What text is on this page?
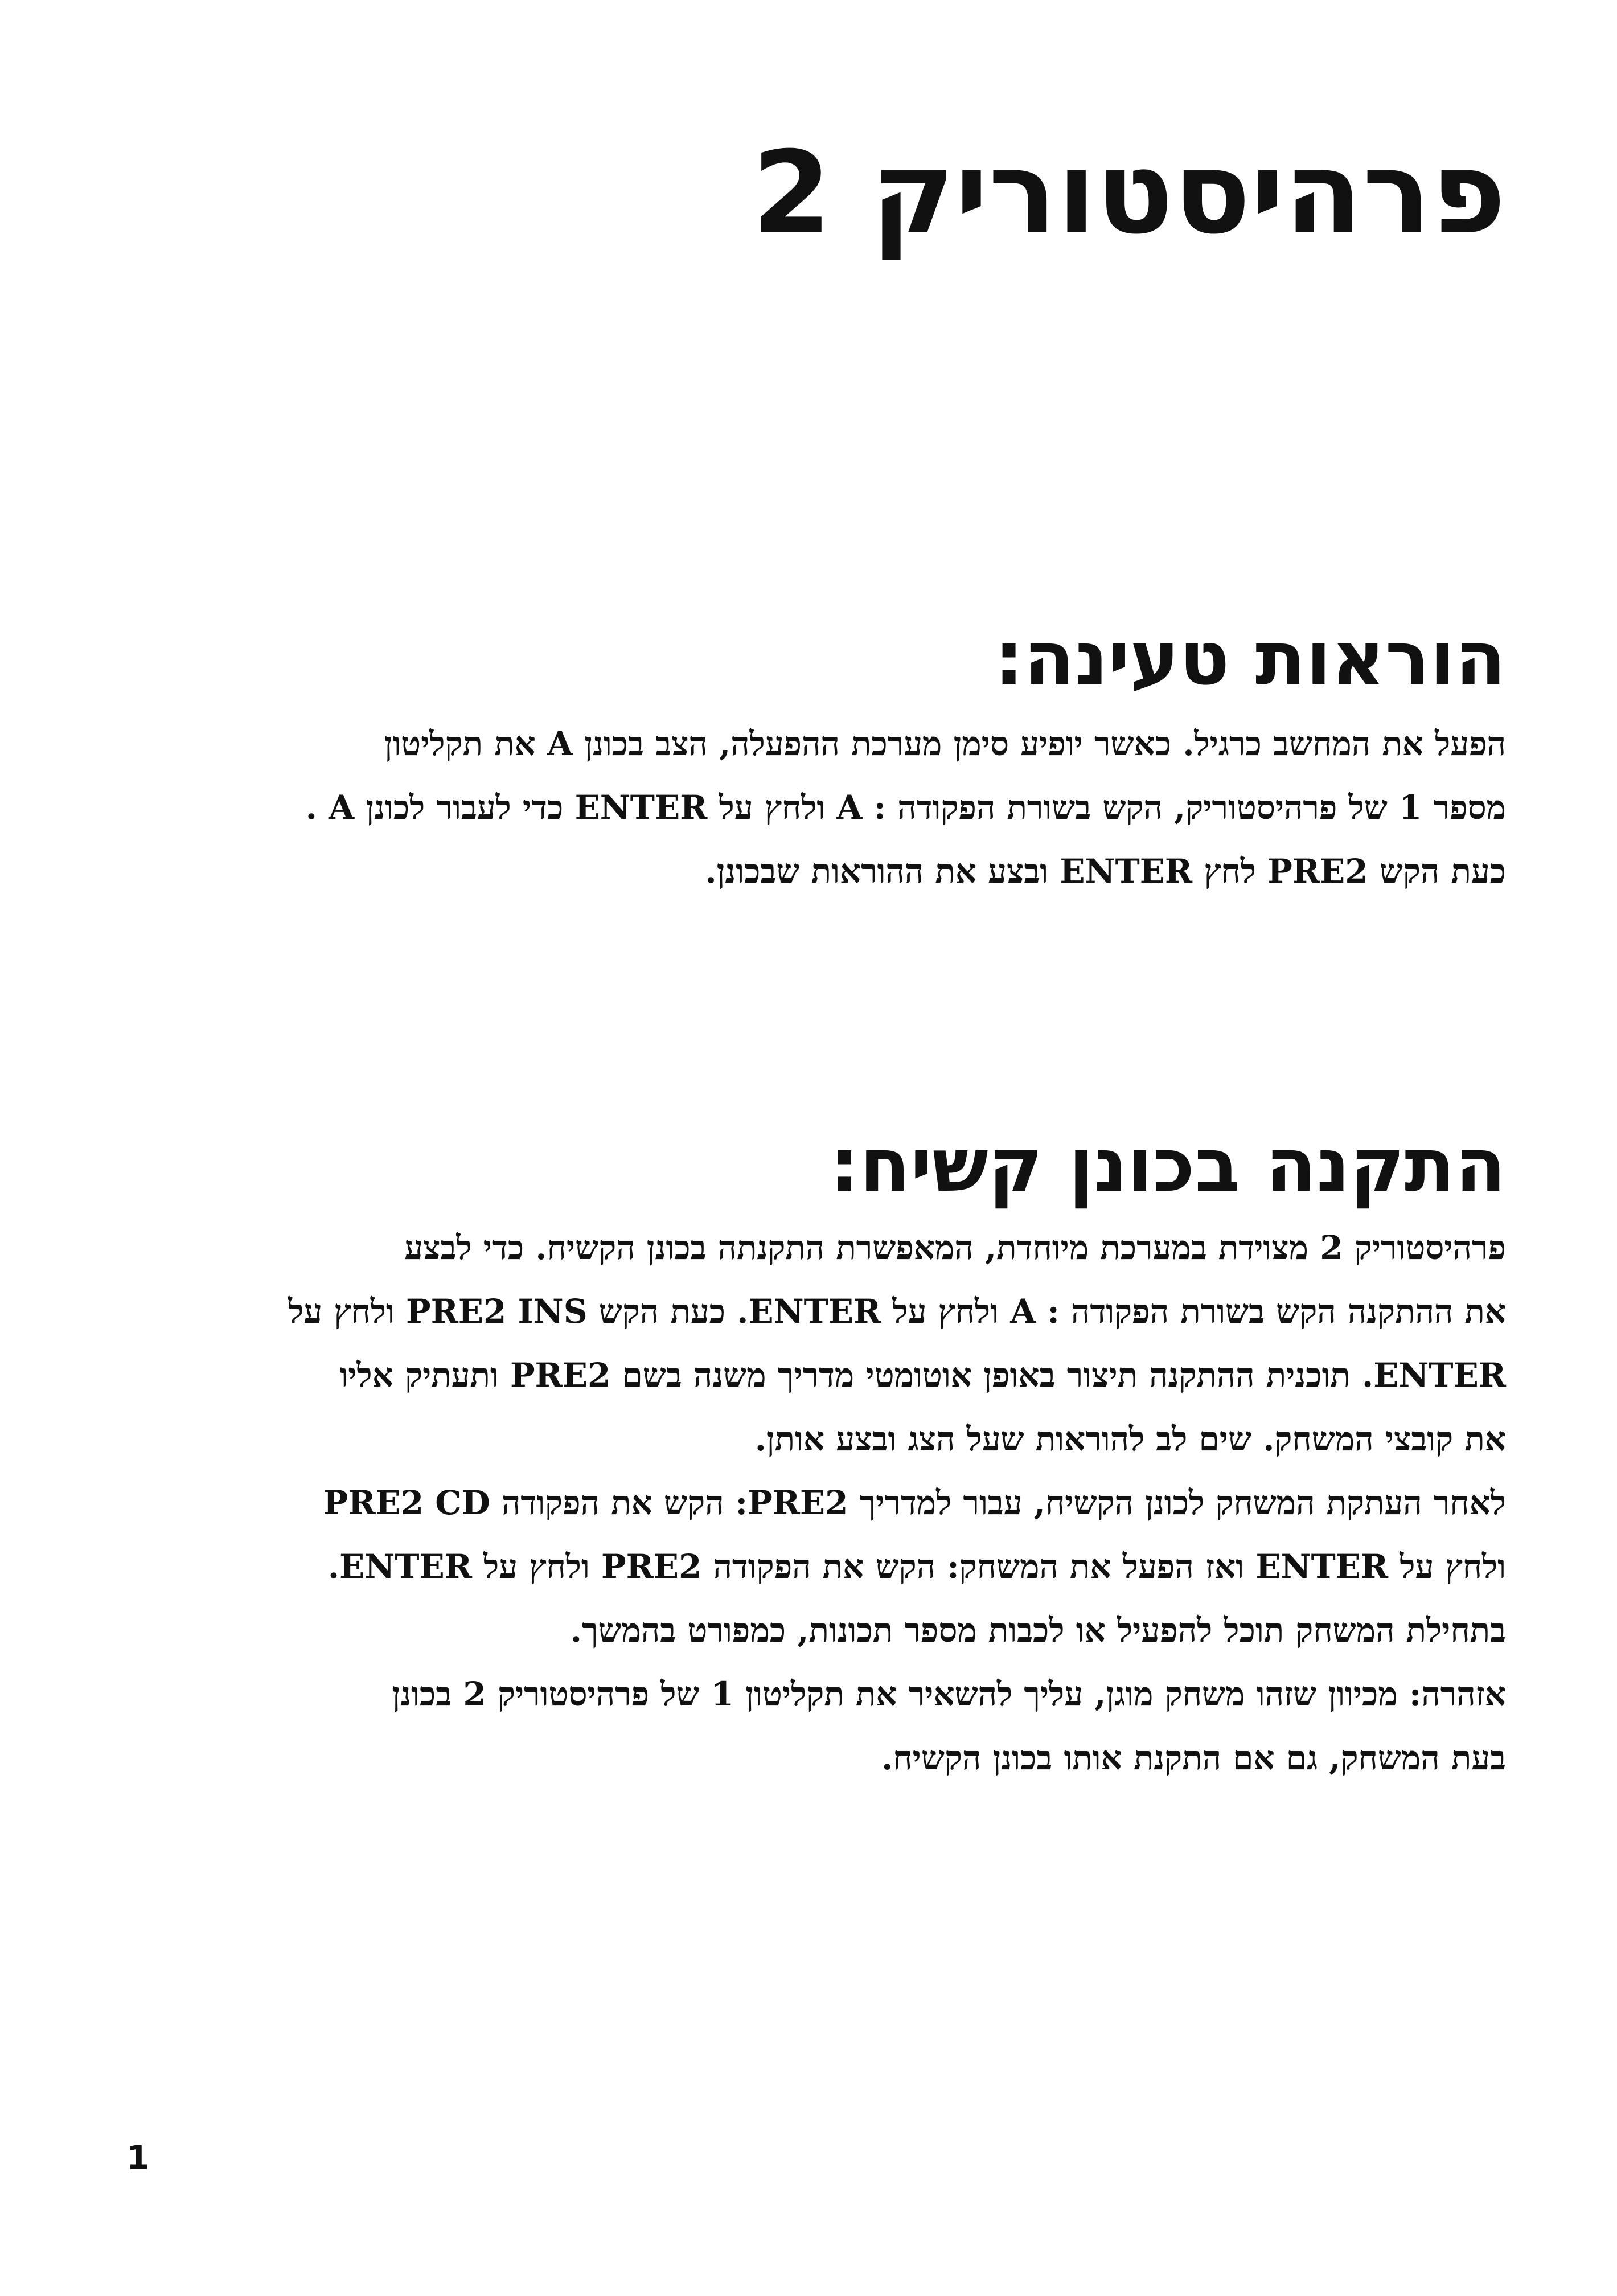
פרהיסטוריק 2
הוראות טעינה:

הפעל את המחשב כרגיל. כאשר יופיע סימן מערכת ההפעלה, הצב בכונן A את תקליטון
מספר 1 של פרהיסטוריק, הקש בשורת הפקודה : A ולחץ על ENTER כדי לעבור לכונן A .
כעת הקש PRE2 לחץ ENTER ובצע את ההוראות שבכונן.

התקנה בכונן קשיח:

פרהיסטוריק 2 מצוידת במערכת מיוחדת, המאפשרת התקנתה בכונן הקשיח. כדי לבצע
את ההתקנה הקש בשורת הפקודה : A ולחץ על ENTER. כעת הקש PRE2 INS ולחץ על
ENTER. תוכנית ההתקנה תיצור באופן אוטומטי מדריך משנה בשם PRE2 ותעתיק אליו
את קובצי המשחק. שים לב להוראות שעל הצג ובצע אותן.
לאחר העתקת המשחק לכונן הקשיח, עבור למדריך PRE2: הקש את הפקודה PRE2 CD
ולחץ על ENTER ואז הפעל את המשחק: הקש את הפקודה PRE2 ולחץ על ENTER.
בתחילת המשחק תוכל להפעיל או לכבות מספר תכונות, כמפורט בהמשך.
אזהרה: מכיוון שזהו משחק מוגן, עליך להשאיר את תקליטון 1 של פרהיסטוריק 2 בכונן
בעת המשחק, גם אם התקנת אותו בכונן הקשיח.

1
